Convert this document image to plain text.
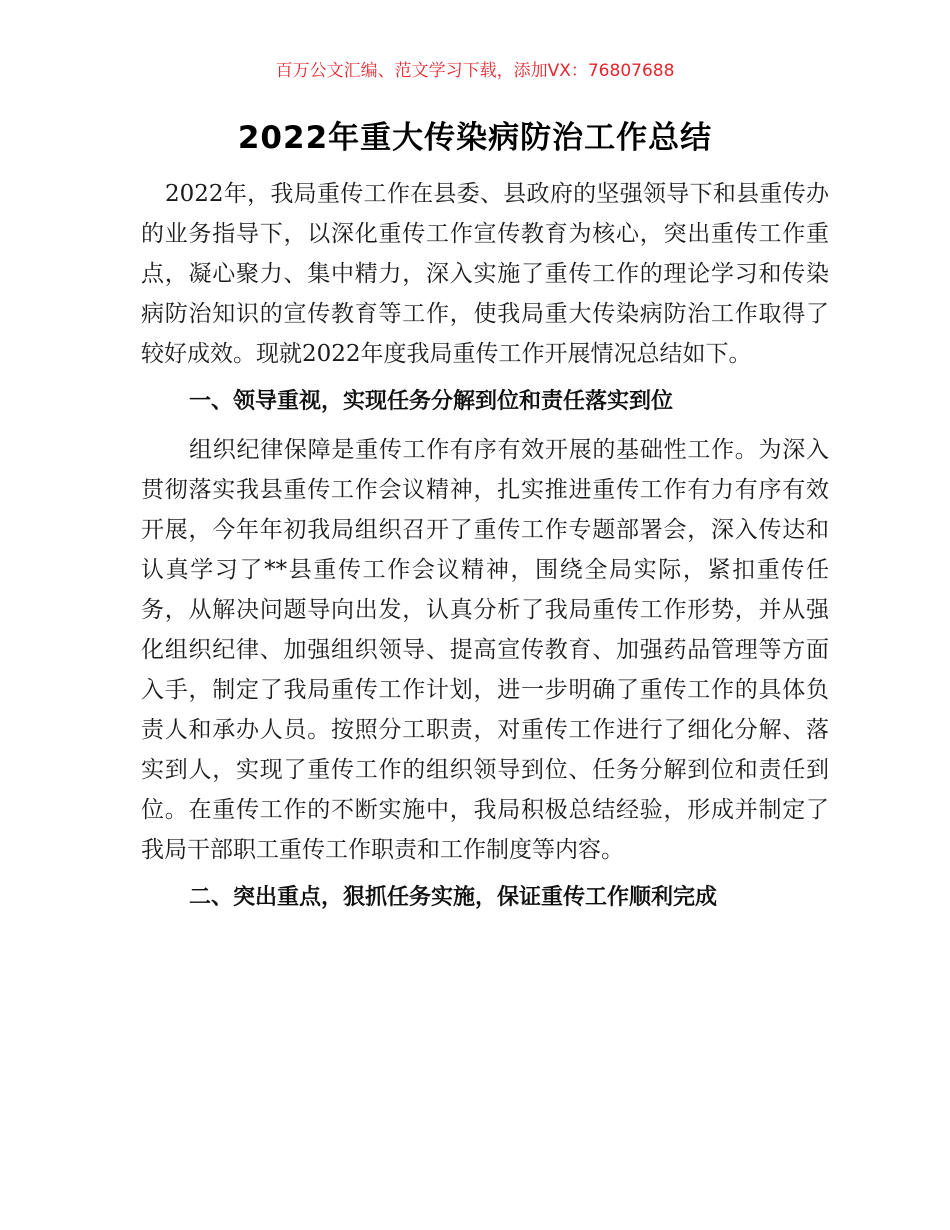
百万公文汇编、范文学习下载，添加VX：76807688
2022年重大传染病防治工作总结

2022年，我局重传工作在县委、县政府的坚强领导下和县重传办的业务指导下，以深化重传工作宣传教育为核心，突出重传工作重点，凝心聚力、集中精力，深入实施了重传工作的理论学习和传染病防治知识的宣传教育等工作，使我局重大传染病防治工作取得了较好成效。现就2022年度我局重传工作开展情况总结如下。

一、领导重视，实现任务分解到位和责任落实到位

组织纪律保障是重传工作有序有效开展的基础性工作。为深入贯彻落实我县重传工作会议精神，扎实推进重传工作有力有序有效开展，今年年初我局组织召开了重传工作专题部署会，深入传达和认真学习了**县重传工作会议精神，围绕全局实际，紧扣重传任务，从解决问题导向出发，认真分析了我局重传工作形势，并从强化组织纪律、加强组织领导、提高宣传教育、加强药品管理等方面入手，制定了我局重传工作计划，进一步明确了重传工作的具体负责人和承办人员。按照分工职责，对重传工作进行了细化分解、落实到人，实现了重传工作的组织领导到位、任务分解到位和责任到位。在重传工作的不断实施中，我局积极总结经验，形成并制定了我局干部职工重传工作职责和工作制度等内容。

二、突出重点，狠抓任务实施，保证重传工作顺利完成
